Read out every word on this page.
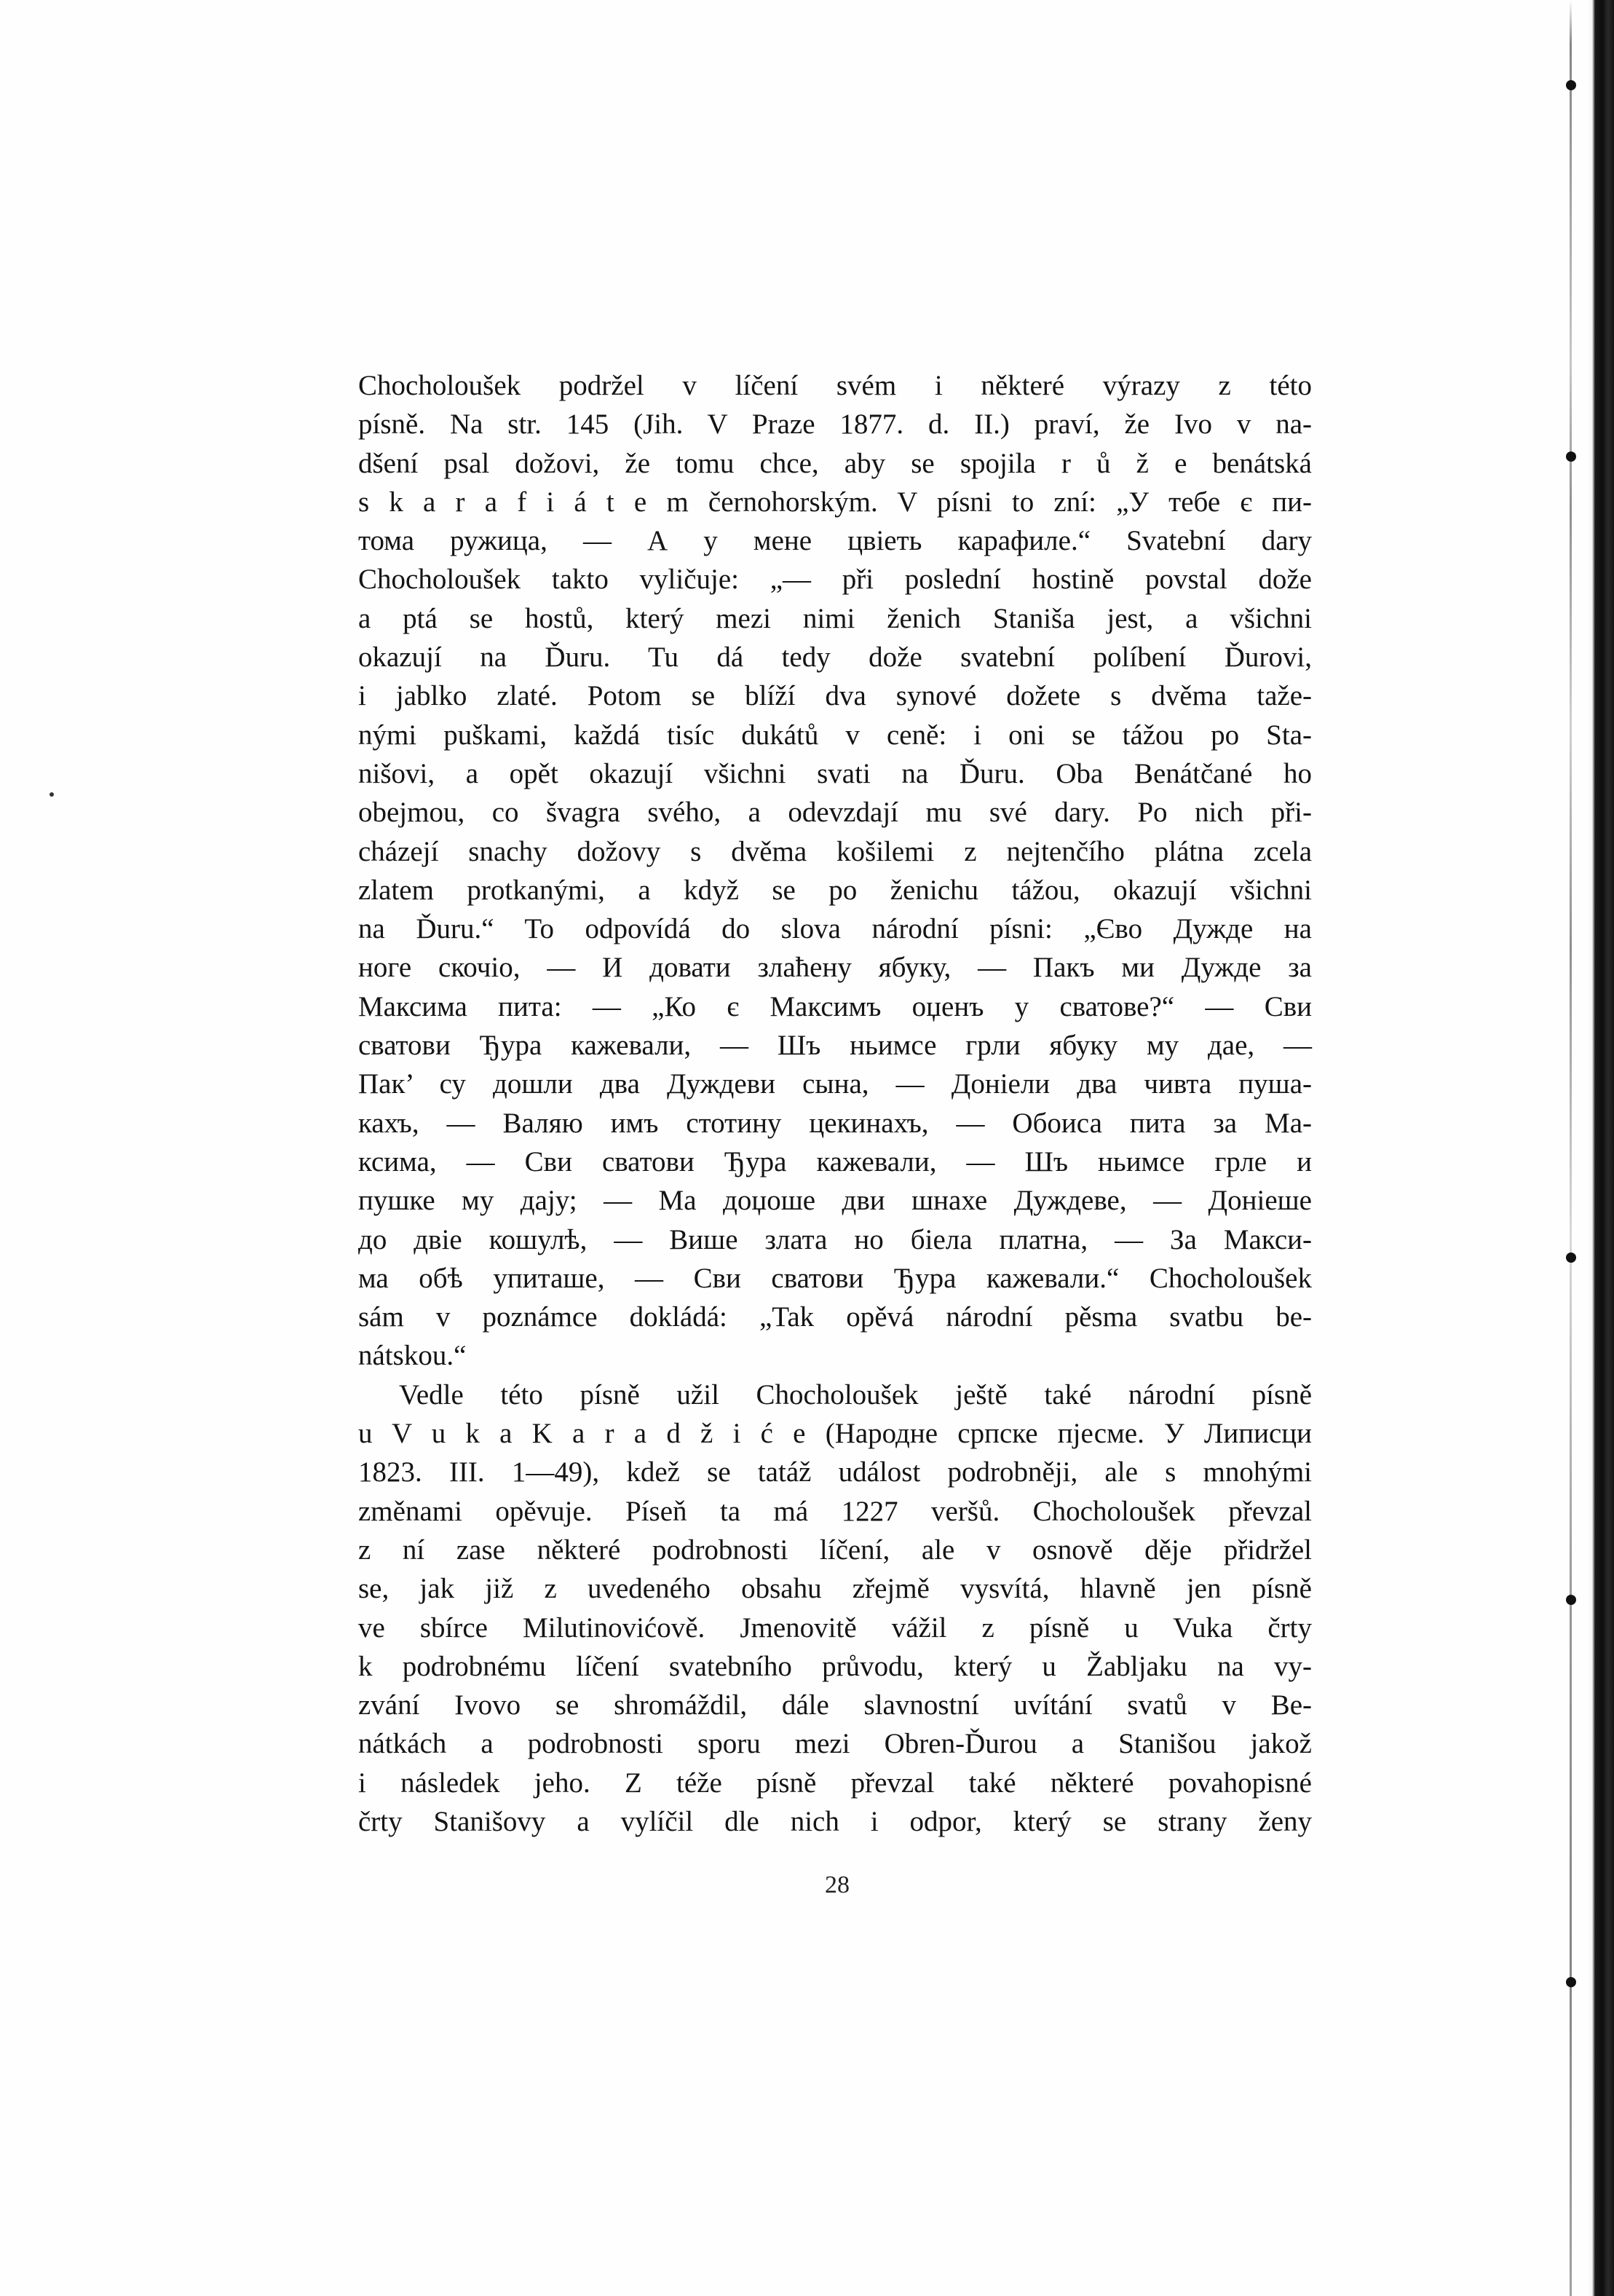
Chocholoušek podržel v líčení svém i některé výrazy z této
písně. Na str. 145 (Jih. V Praze 1877. d. II.) praví, že Ivo v na-
dšení psal dožovi, že tomu chce, aby se spojila r ů ž e benátská
s k a r a f i á t e m černohorským. V písni to zní: „У тебе є пи-
тома ружица, — А у мене цвіеть карафиле.“ Svatební dary
Chocholoušek takto vyličuje: „— při poslední hostině povstal dože
a ptá se hostů, který mezi nimi ženich Staniša jest, a všichni
okazují na Ďuru. Tu dá tedy dože svatební políbení Ďurovi,
i jablko zlaté. Potom se blíží dva synové dožete s dvěma taže-
nými puškami, každá tisíc dukátů v ceně: i oni se tážou po Sta-
nišovi, a opět okazují všichni svati na Ďuru. Oba Benátčané ho
obejmou, co švagra svého, a odevzdají mu své dary. Po nich při-
cházejí snachy dožovy s dvěma košilemi z nejtenčího plátna zcela
zlatem protkanými, a když se po ženichu tážou, okazují všichni
na Ďuru.“ To odpovídá do slova národní písni: „Єво Дужде на
ноге скочіо, — И довати злаћену ябуку, — Пакъ ми Дужде за
Максима пита: — „Ко є Максимъ оџенъ у сватове?“ — Сви
сватови Ђура кажевали, — Шъ ньимсе грли ябуку му дае, —
Пак’ су дошли два Дуждеви сына, — Доніели два чивта пуша-
кахъ, — Валяю имъ стотину цекинахъ, — Обоиса пита за Ма-
ксима, — Сви сватови Ђура кажевали, — Шъ ньимсе грле и
пушке му дају; — Ма доџоше дви шнахе Дуждеве, — Доніеше
до двіе кошулѣ, — Више злата но біела платна, — За Макси-
ма обѣ упиташе, — Сви сватови Ђура кажевали.“ Chocholoušek
sám v poznámce dokládá: „Tak opěvá národní pěsma svatbu be-
nátskou.“
Vedle této písně užil Chocholoušek ještě také národní písně
u V u k a K a r a d ž i ć e (Народне српске пјесме. У Липисци
1823. III. 1—49), kdež se tatáž událost podrobněji, ale s mnohými
změnami opěvuje. Píseň ta má 1227 veršů. Chocholoušek převzal
z ní zase některé podrobnosti líčení, ale v osnově děje přidržel
se, jak již z uvedeného obsahu zřejmě vysvítá, hlavně jen písně
ve sbírce Milutinovićově. Jmenovitě vážil z písně u Vuka črty
k podrobnému líčení svatebního průvodu, který u Žabljaku na vy-
zvání Ivovo se shromáždil, dále slavnostní uvítání svatů v Be-
nátkách a podrobnosti sporu mezi Obren-Ďurou a Stanišou jakož
i následek jeho. Z téže písně převzal také některé povahopisné
črty Stanišovy a vylíčil dle nich i odpor, který se strany ženy
28
